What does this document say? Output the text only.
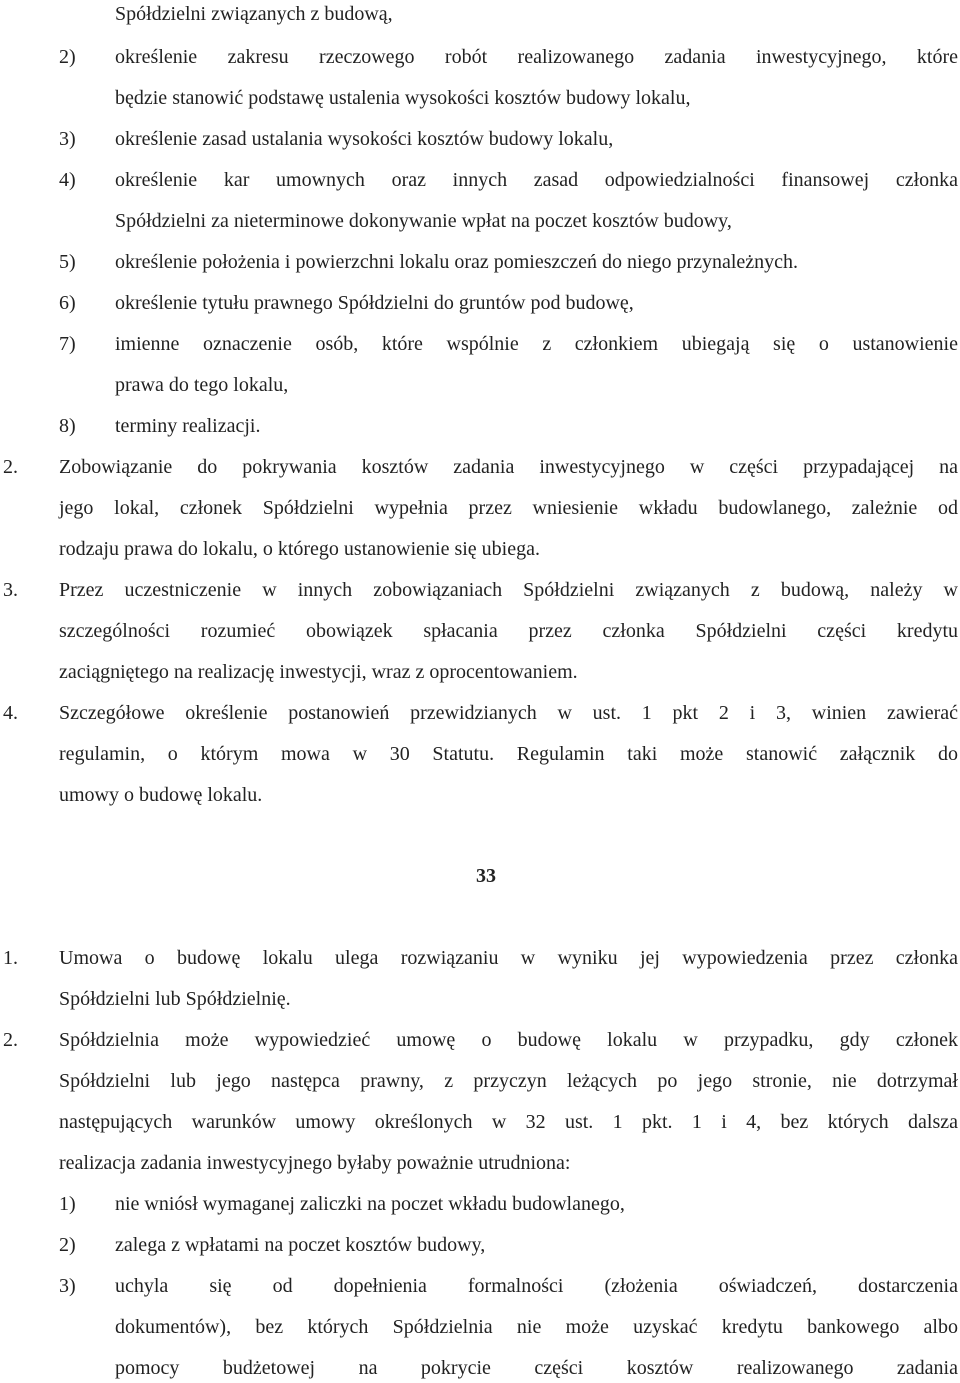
Spółdzielni związanych z budową,
2) określenie zakresu rzeczowego robót realizowanego zadania inwestycyjnego, które
będzie stanowić podstawę ustalenia wysokości kosztów budowy lokalu,
3) określenie zasad ustalania wysokości kosztów budowy lokalu,
4) określenie kar umownych oraz innych zasad odpowiedzialności finansowej członka
Spółdzielni za nieterminowe dokonywanie wpłat na poczet kosztów budowy,
5) określenie położenia i powierzchni lokalu oraz pomieszczeń do niego przynależnych.
6) określenie tytułu prawnego Spółdzielni do gruntów pod budowę,
7) imienne oznaczenie osób, które wspólnie z członkiem ubiegają się o ustanowienie
prawa do tego lokalu,
8) terminy realizacji.
2. Zobowiązanie do pokrywania kosztów zadania inwestycyjnego w części przypadającej na
jego lokal, członek Spółdzielni wypełnia przez wniesienie wkładu budowlanego, zależnie od
rodzaju prawa do lokalu, o którego ustanowienie się ubiega.
3. Przez uczestniczenie w innych zobowiązaniach Spółdzielni związanych z budową, należy w
szczególności rozumieć obowiązek spłacania przez członka Spółdzielni części kredytu
zaciągniętego na realizację inwestycji, wraz z oprocentowaniem.
4. Szczegółowe określenie postanowień przewidzianych w ust. 1 pkt 2 i 3, winien zawierać
regulamin, o którym mowa w 30 Statutu. Regulamin taki może stanowić załącznik do
umowy o budowę lokalu.
33
1. Umowa o budowę lokalu ulega rozwiązaniu w wyniku jej wypowiedzenia przez członka
Spółdzielni lub Spółdzielnię.
2. Spółdzielnia może wypowiedzieć umowę o budowę lokalu w przypadku, gdy członek
Spółdzielni lub jego następca prawny, z przyczyn leżących po jego stronie, nie dotrzymał
następujących warunków umowy określonych w 32 ust. 1 pkt. 1 i 4, bez których dalsza
realizacja zadania inwestycyjnego byłaby poważnie utrudniona:
1) nie wniósł wymaganej zaliczki na poczet wkładu budowlanego,
2) zalega z wpłatami na poczet kosztów budowy,
3) uchyla się od dopełnienia formalności (złożenia oświadczeń, dostarczenia
dokumentów), bez których Spółdzielnia nie może uzyskać kredytu bankowego albo
pomocy budżetowej na pokrycie części kosztów realizowanego zadania
